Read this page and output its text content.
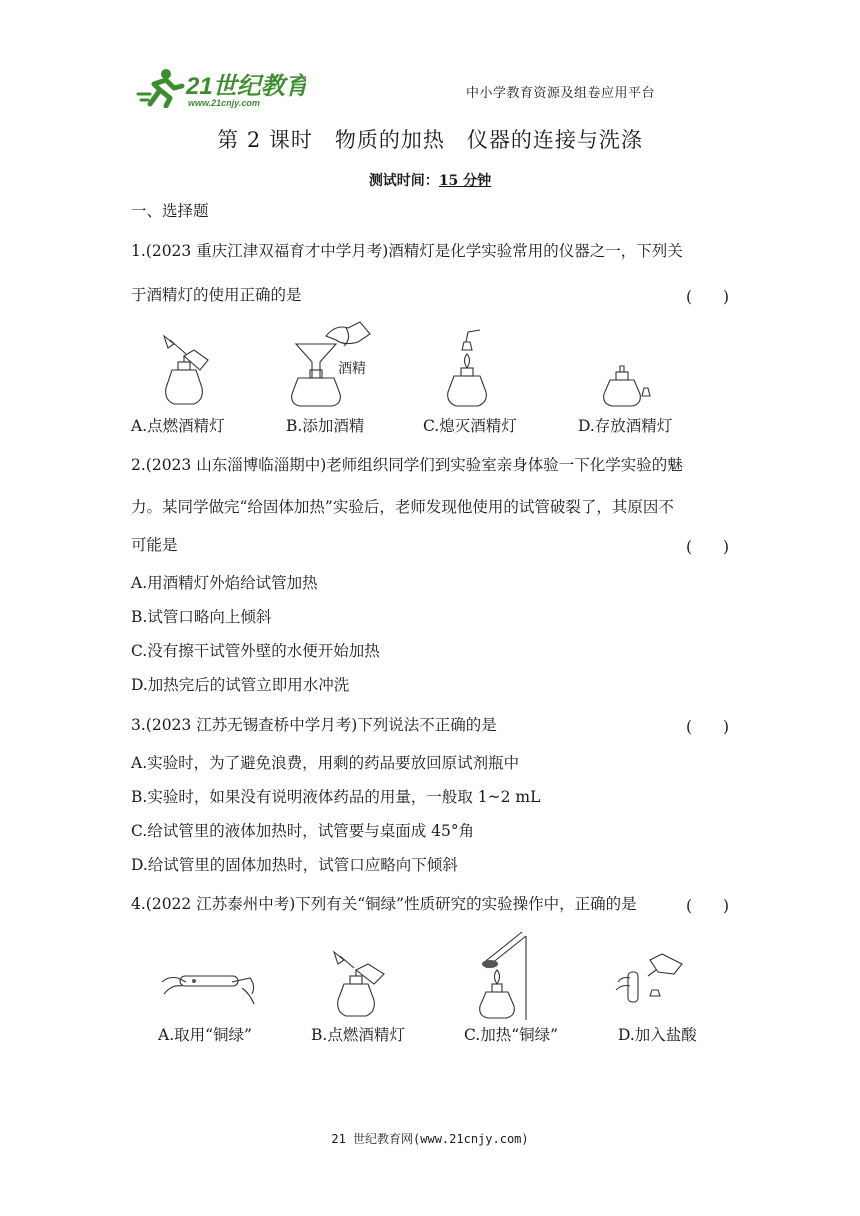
21世纪教育
www.21cnjy.com
中小学教育资源及组卷应用平台
第 2 课时　物质的加热　仪器的连接与洗涤
测试时间：15 分钟
一、选择题
1.(2023 重庆江津双福育才中学月考)酒精灯是化学实验常用的仪器之一，下列关
于酒精灯的使用正确的是	(　　)
酒精
A.点燃酒精灯	B.添加酒精	C.熄灭酒精灯	D.存放酒精灯
2.(2023 山东淄博临淄期中)老师组织同学们到实验室亲身体验一下化学实验的魅
力。某同学做完“给固体加热”实验后，老师发现他使用的试管破裂了，其原因不
可能是	(　　)
A.用酒精灯外焰给试管加热
B.试管口略向上倾斜
C.没有擦干试管外壁的水便开始加热
D.加热完后的试管立即用水冲洗
3.(2023 江苏无锡查桥中学月考)下列说法不正确的是	(　　)
A.实验时，为了避免浪费，用剩的药品要放回原试剂瓶中
B.实验时，如果没有说明液体药品的用量，一般取 1~2 mL
C.给试管里的液体加热时，试管要与桌面成 45°角
D.给试管里的固体加热时，试管口应略向下倾斜
4.(2022 江苏泰州中考)下列有关“铜绿”性质研究的实验操作中，正确的是	(　　)
A.取用“铜绿”	B.点燃酒精灯	C.加热“铜绿”	D.加入盐酸
21 世纪教育网(www.21cnjy.com)
